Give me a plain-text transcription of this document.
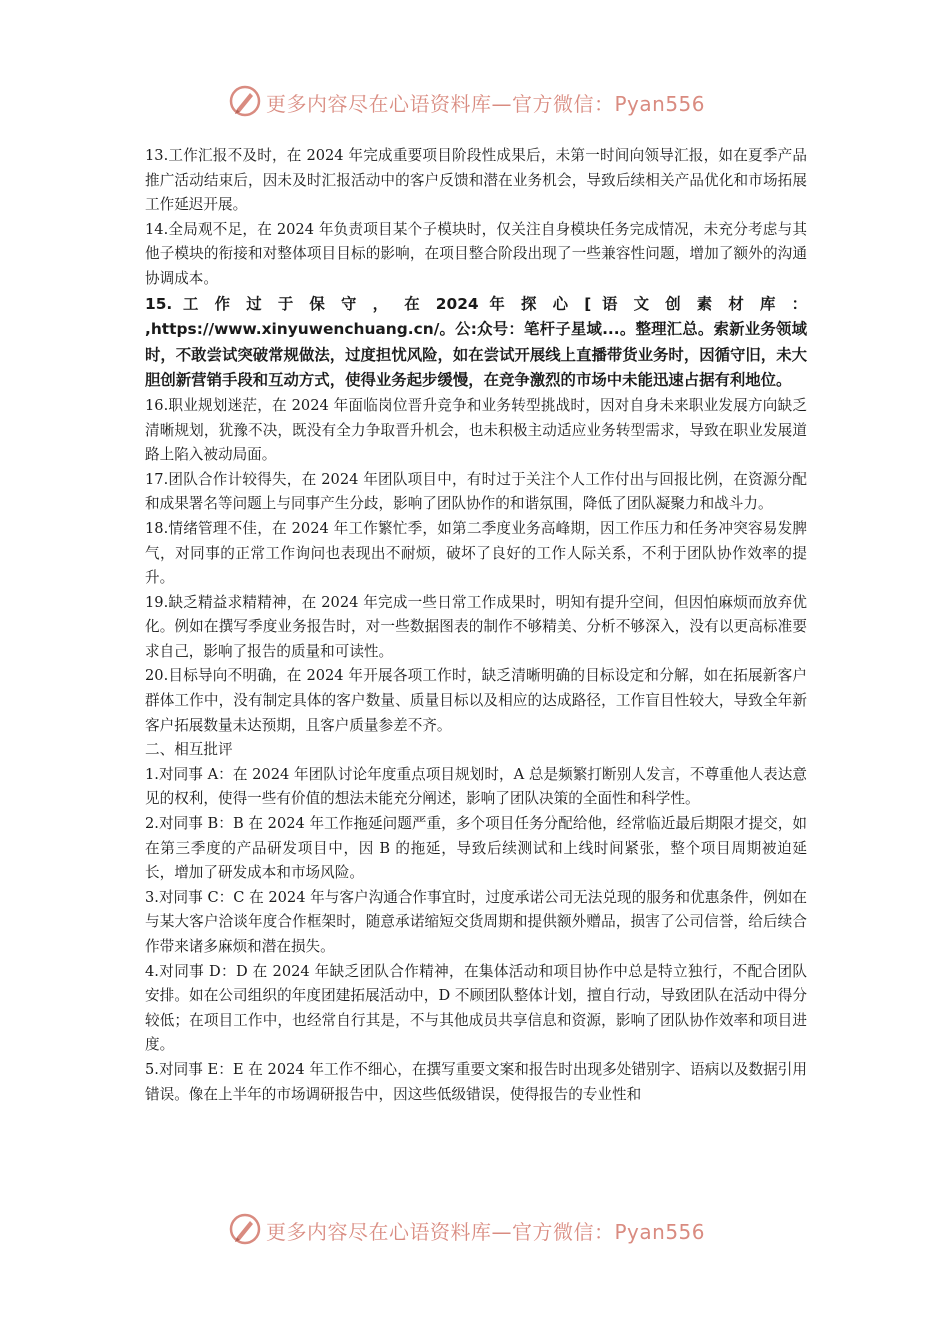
更多内容尽在心语资料库—官方微信：Pyan556

13.工作汇报不及时，在 2024 年完成重要项目阶段性成果后，未第一时间向领导汇报，如在夏季产品推广活动结束后，因未及时汇报活动中的客户反馈和潜在业务机会，导致后续相关产品优化和市场拓展工作延迟开展。

14.全局观不足，在 2024 年负责项目某个子模块时，仅关注自身模块任务完成情况，未充分考虑与其他子模块的衔接和对整体项目目标的影响，在项目整合阶段出现了一些兼容性问题，增加了额外的沟通协调成本。

15. 工 作 过 于 保 守 ， 在 2024 年 探 心 [ 语 文 创 素 材 库 ： ,https://www.xinyuwenchuang.cn/。公:众号：笔杆子星域...。整理汇总。索新业务领域时，不敢尝试突破常规做法，过度担忧风险，如在尝试开展线上直播带货业务时，因循守旧，未大胆创新营销手段和互动方式，使得业务起步缓慢，在竞争激烈的市场中未能迅速占据有利地位。

16.职业规划迷茫，在 2024 年面临岗位晋升竞争和业务转型挑战时，因对自身未来职业发展方向缺乏清晰规划，犹豫不决，既没有全力争取晋升机会，也未积极主动适应业务转型需求，导致在职业发展道路上陷入被动局面。

17.团队合作计较得失，在 2024 年团队项目中，有时过于关注个人工作付出与回报比例，在资源分配和成果署名等问题上与同事产生分歧，影响了团队协作的和谐氛围，降低了团队凝聚力和战斗力。

18.情绪管理不佳，在 2024 年工作繁忙季，如第二季度业务高峰期，因工作压力和任务冲突容易发脾气，对同事的正常工作询问也表现出不耐烦，破坏了良好的工作人际关系，不利于团队协作效率的提升。

19.缺乏精益求精精神，在 2024 年完成一些日常工作成果时，明知有提升空间，但因怕麻烦而放弃优化。例如在撰写季度业务报告时，对一些数据图表的制作不够精美、分析不够深入，没有以更高标准要求自己，影响了报告的质量和可读性。

20.目标导向不明确，在 2024 年开展各项工作时，缺乏清晰明确的目标设定和分解，如在拓展新客户群体工作中，没有制定具体的客户数量、质量目标以及相应的达成路径，工作盲目性较大，导致全年新客户拓展数量未达预期，且客户质量参差不齐。

二、相互批评

1.对同事 A：在 2024 年团队讨论年度重点项目规划时，A 总是频繁打断别人发言，不尊重他人表达意见的权利，使得一些有价值的想法未能充分阐述，影响了团队决策的全面性和科学性。

2.对同事 B：B 在 2024 年工作拖延问题严重，多个项目任务分配给他，经常临近最后期限才提交，如在第三季度的产品研发项目中，因 B 的拖延，导致后续测试和上线时间紧张，整个项目周期被迫延长，增加了研发成本和市场风险。

3.对同事 C：C 在 2024 年与客户沟通合作事宜时，过度承诺公司无法兑现的服务和优惠条件，例如在与某大客户洽谈年度合作框架时，随意承诺缩短交货周期和提供额外赠品，损害了公司信誉，给后续合作带来诸多麻烦和潜在损失。

4.对同事 D：D 在 2024 年缺乏团队合作精神，在集体活动和项目协作中总是特立独行，不配合团队安排。如在公司组织的年度团建拓展活动中，D 不顾团队整体计划，擅自行动，导致团队在活动中得分较低；在项目工作中，也经常自行其是，不与其他成员共享信息和资源，影响了团队协作效率和项目进度。

5.对同事 E：E 在 2024 年工作不细心，在撰写重要文案和报告时出现多处错别字、语病以及数据引用错误。像在上半年的市场调研报告中，因这些低级错误，使得报告的专业性和

更多内容尽在心语资料库—官方微信：Pyan556
